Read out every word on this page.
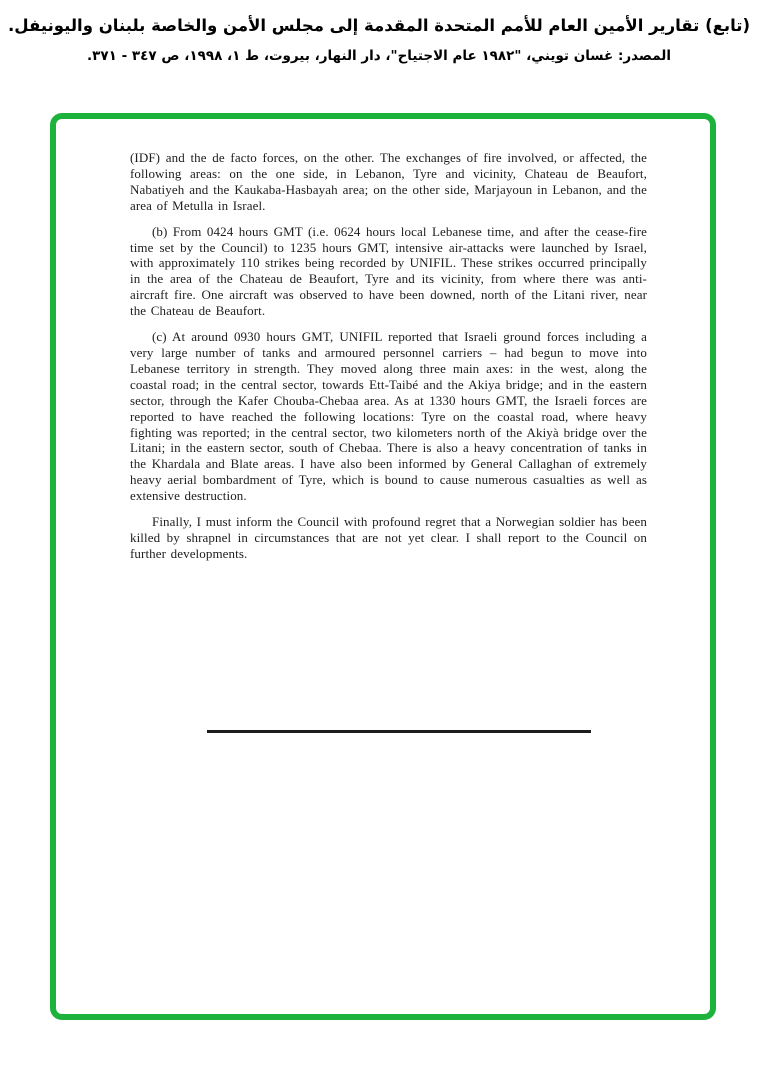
(تابع) تقارير الأمين العام للأمم المتحدة المقدمة إلى مجلس الأمن والخاصة بلبنان واليونيفل.
المصدر: غسان تويني، "١٩٨٢ عام الاجتياح"، دار النهار، بيروت، ط ١، ١٩٩٨، ص ٣٤٧ - ٣٧١.

(IDF) and the de facto forces, on the other. The exchanges of fire involved, or affected, the following areas: on the one side, in Lebanon, Tyre and vicinity, Chateau de Beaufort, Nabatiyeh and the Kaukaba-Hasbayah area; on the other side, Marjayoun in Lebanon, and the area of Metulla in Israel.

(b) From 0424 hours GMT (i.e. 0624 hours local Lebanese time, and after the cease-fire time set by the Council) to 1235 hours GMT, intensive air-attacks were launched by Israel, with approximately 110 strikes being recorded by UNIFIL. These strikes occurred principally in the area of the Chateau de Beaufort, Tyre and its vicinity, from where there was anti-aircraft fire. One aircraft was observed to have been downed, north of the Litani river, near the Chateau de Beaufort.

(c) At around 0930 hours GMT, UNIFIL reported that Israeli ground forces including a very large number of tanks and armoured personnel carriers – had begun to move into Lebanese territory in strength. They moved along three main axes: in the west, along the coastal road; in the central sector, towards Ett-Taibé and the Akiya bridge; and in the eastern sector, through the Kafer Chouba-Chebaa area. As at 1330 hours GMT, the Israeli forces are reported to have reached the following locations: Tyre on the coastal road, where heavy fighting was reported; in the central sector, two kilometers north of the Akiyà bridge over the Litani; in the eastern sector, south of Chebaa. There is also a heavy concentration of tanks in the Khardala and Blate areas. I have also been informed by General Callaghan of extremely heavy aerial bombardment of Tyre, which is bound to cause numerous casualties as well as extensive destruction.

Finally, I must inform the Council with profound regret that a Norwegian soldier has been killed by shrapnel in circumstances that are not yet clear. I shall report to the Council on further developments.
